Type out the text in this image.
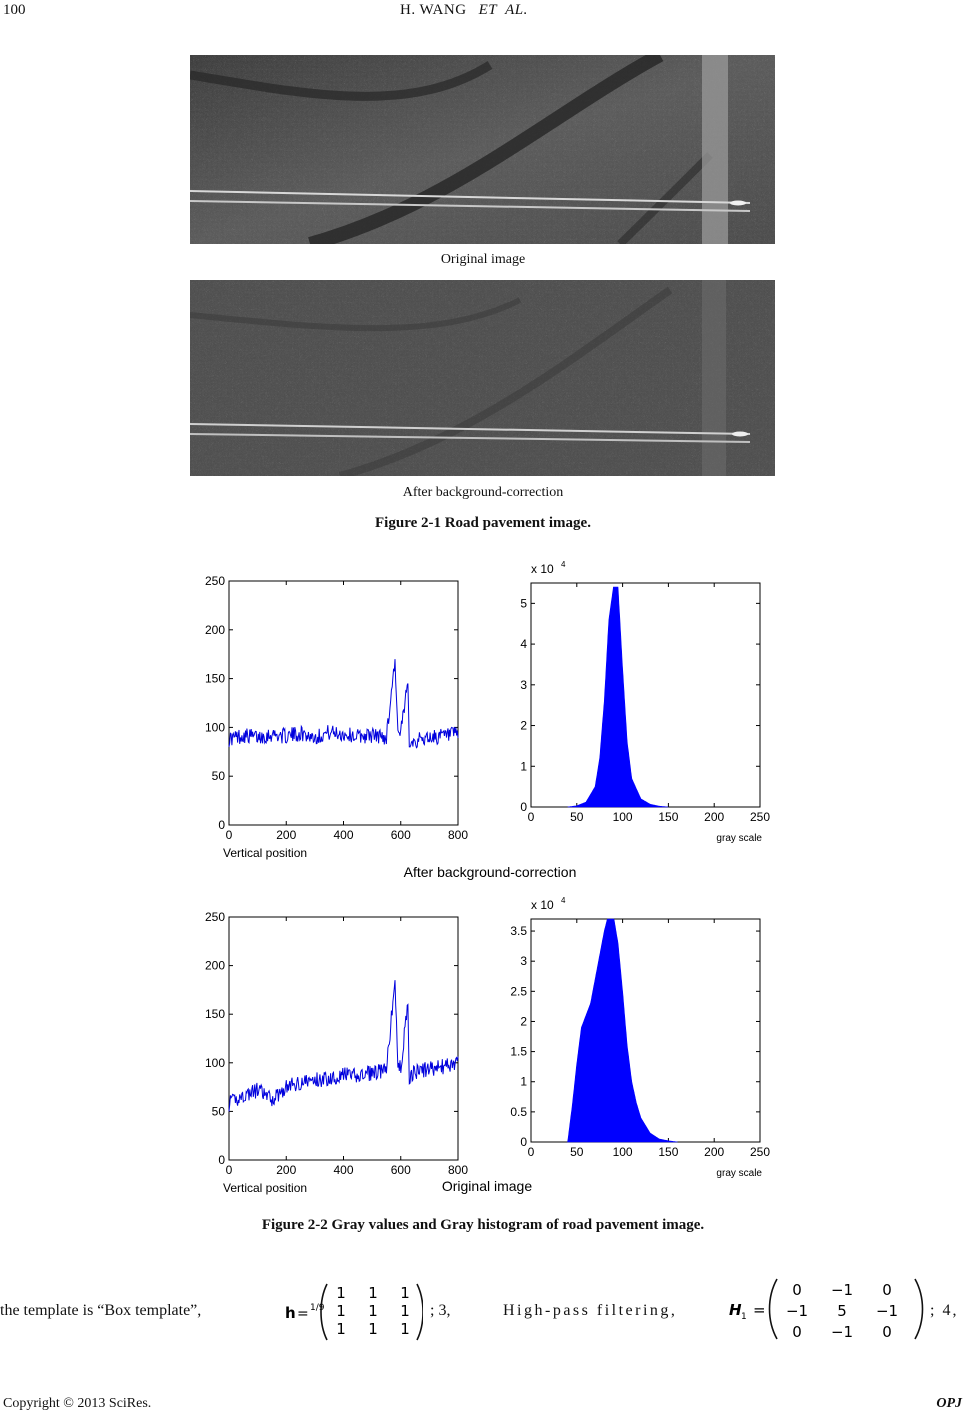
100	H. WANG ET AL.
Original image
After background-correction
Figure 2-1 Road pavement image.
0	200	400	600	800
0
50
100
150
200
250
Vertical position
0	50 100 150 200 250
0
1
2
3
4
5
x 10 4
gray scale
After background-correction
0	200	400	600	800
0
50
100
150
200
250
Vertical position
0	50 100 150 200 250
0
0.5
1
1.5
2
2.5
3
3.5
x 10 4
gray scale
Original image
Figure 2-2 Gray values and Gray histogram of road pavement image.
the template is “Box template”,	h = 1/9
1 1 1
1 1 1
1 1 1
; 3,	High-pass filtering,	H 1 =
0 −1 0
−1 5 −1
0 −1 0
; 4,
Copyright © 2013 SciRes.	OPJ
